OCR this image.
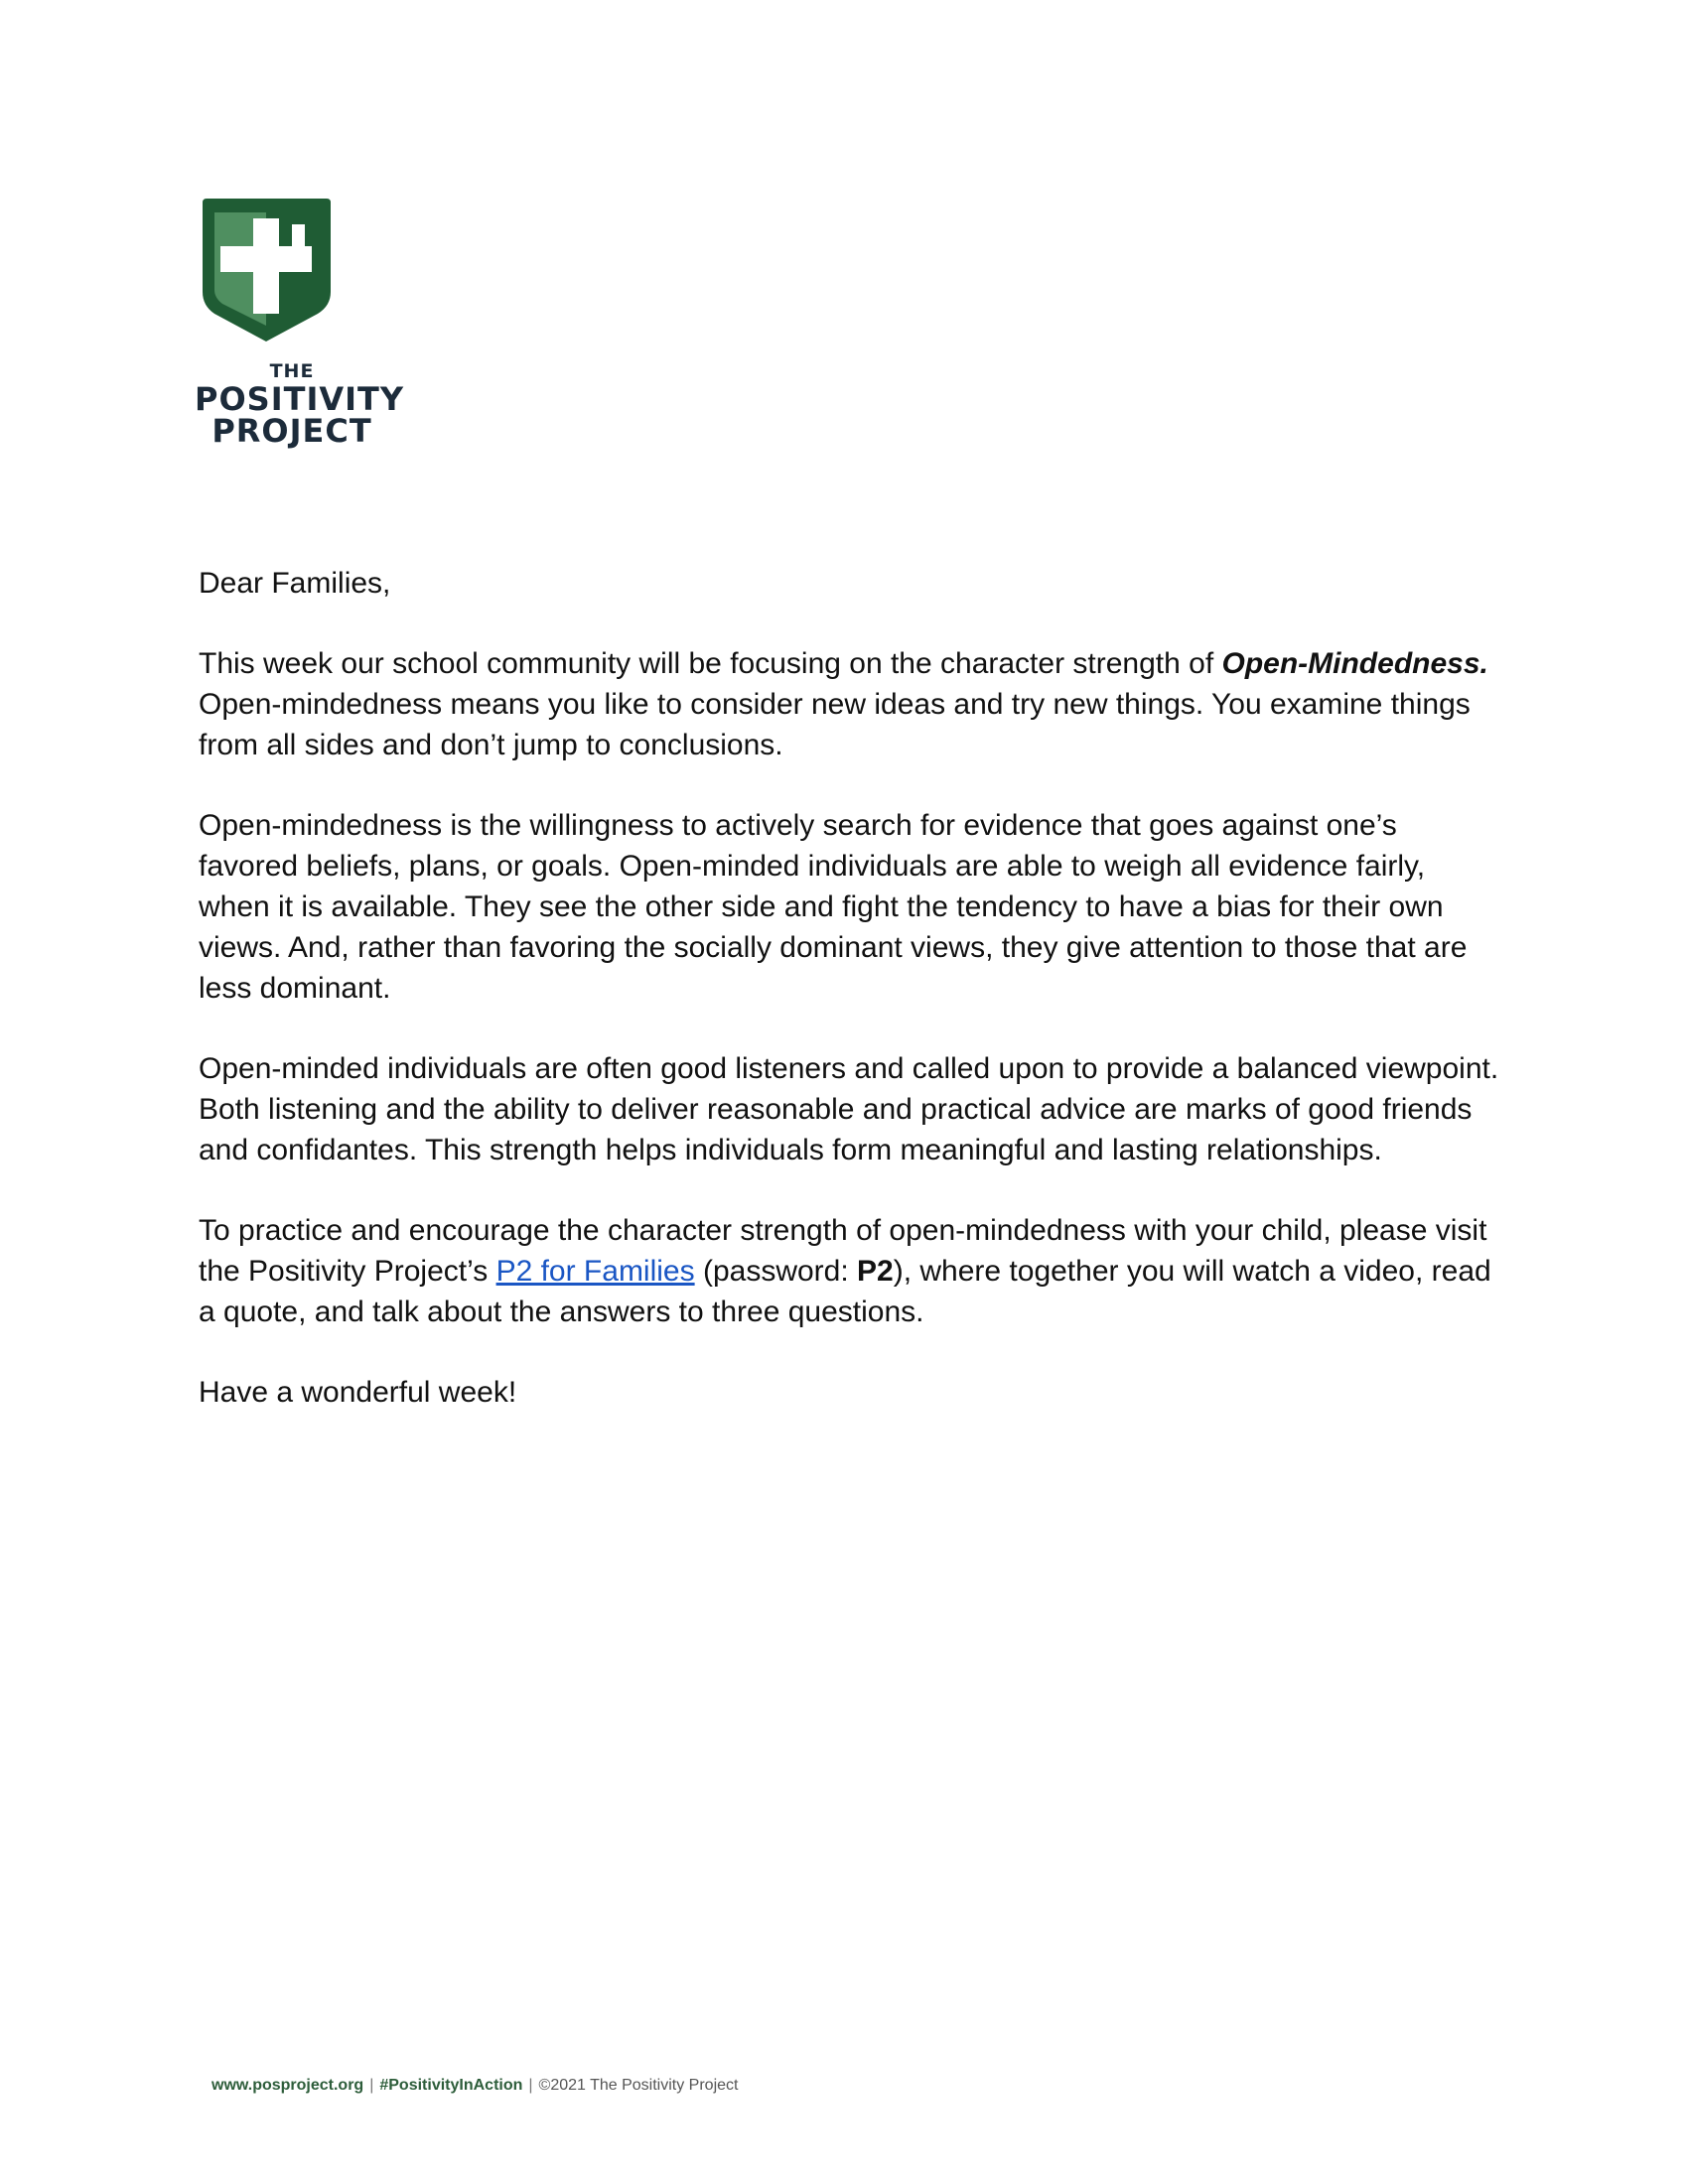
THE
POSITIVITY
PROJECT

Dear Families,

This week our school community will be focusing on the character strength of Open-Mindedness. Open-mindedness means you like to consider new ideas and try new things. You examine things from all sides and don’t jump to conclusions.

Open-mindedness is the willingness to actively search for evidence that goes against one’s favored beliefs, plans, or goals. Open-minded individuals are able to weigh all evidence fairly, when it is available. They see the other side and fight the tendency to have a bias for their own views. And, rather than favoring the socially dominant views, they give attention to those that are less dominant.

Open-minded individuals are often good listeners and called upon to provide a balanced viewpoint. Both listening and the ability to deliver reasonable and practical advice are marks of good friends and confidantes. This strength helps individuals form meaningful and lasting relationships.

To practice and encourage the character strength of open-mindedness with your child, please visit the Positivity Project’s P2 for Families (password: P2), where together you will watch a video, read a quote, and talk about the answers to three questions.

Have a wonderful week!

www.posproject.org | #PositivityInAction | ©2021 The Positivity Project
